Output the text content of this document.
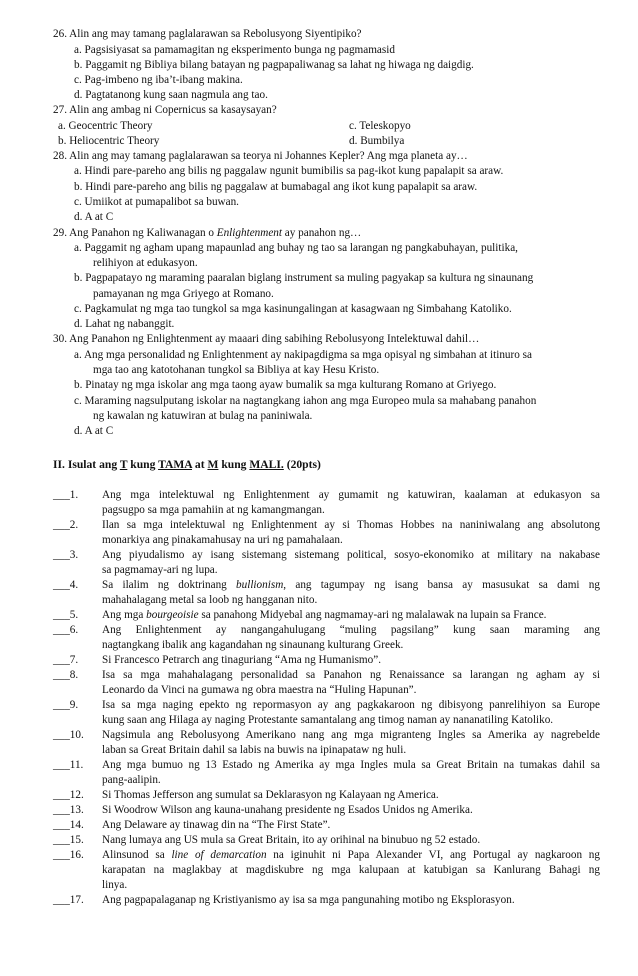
26. Alin ang may tamang paglalarawan sa Rebolusyong Siyentipiko?
a. Pagsisiyasat sa pamamagitan ng eksperimento bunga ng pagmamasid
b. Paggamit ng Bibliya bilang batayan ng pagpapaliwanag sa lahat ng hiwaga ng daigdig.
c. Pag-imbeno ng iba’t-ibang makina.
d. Pagtatanong kung saan nagmula ang tao.
27. Alin ang ambag ni Copernicus sa kasaysayan?
a. Geocentric Theory	c. Teleskopyo
b. Heliocentric Theory	d. Bumbilya
28. Alin ang may tamang paglalarawan sa teorya ni Johannes Kepler? Ang mga planeta ay…
a. Hindi pare-pareho ang bilis ng paggalaw ngunit bumibilis sa pag-ikot kung papalapit sa araw.
b. Hindi pare-pareho ang bilis ng paggalaw at bumabagal ang ikot kung papalapit sa araw.
c. Umiikot at pumapalibot sa buwan.
d. A at C
29. Ang Panahon ng Kaliwanagan o Enlightenment ay panahon ng…
a. Paggamit ng agham upang mapaunlad ang buhay ng tao sa larangan ng pangkabuhayan, pulitika,
relihiyon at edukasyon.
b. Pagpapatayo ng maraming paaralan biglang instrument sa muling pagyakap sa kultura ng sinaunang
pamayanan ng mga Griyego at Romano.
c. Pagkamulat ng mga tao tungkol sa mga kasinungalingan at kasagwaan ng Simbahang Katoliko.
d. Lahat ng nabanggit.
30. Ang Panahon ng Enlightenment ay maaari ding sabihing Rebolusyong Intelektuwal dahil…
a. Ang mga personalidad ng Enlightenment ay nakipagdigma sa mga opisyal ng simbahan at itinuro sa
mga tao ang katotohanan tungkol sa Bibliya at kay Hesu Kristo.
b. Pinatay ng mga iskolar ang mga taong ayaw bumalik sa mga kulturang Romano at Griyego.
c. Maraming nagsulputang iskolar na nagtangkang iahon ang mga Europeo mula sa mahabang panahon
ng kawalan ng katuwiran at bulag na paniniwala.
d. A at C
II. Isulat ang T kung TAMA at M kung MALI. (20pts)
___1. Ang mga intelektuwal ng Enlightenment ay gumamit ng katuwiran, kaalaman at edukasyon sa
pagsugpo sa mga pamahiin at ng kamangmangan.
___2. Ilan sa mga intelektuwal ng Enlightenment ay si Thomas Hobbes na naniniwalang ang absolutong
monarkiya ang pinakamahusay na uri ng pamahalaan.
___3. Ang piyudalismo ay isang sistemang sistemang political, sosyo-ekonomiko at military na nakabase
sa pagmamay-ari ng lupa.
___4. Sa ilalim ng doktrinang bullionism, ang tagumpay ng isang bansa ay masusukat sa dami ng
mahahalagang metal sa loob ng hangganan nito.
___5. Ang mga bourgeoisie sa panahong Midyebal ang nagmamay-ari ng malalawak na lupain sa France.
___6. Ang Enlightenment ay nangangahulugang “muling pagsilang” kung saan maraming ang
nagtangkang ibalik ang kagandahan ng sinaunang kulturang Greek.
___7. Si Francesco Petrarch ang tinaguriang “Ama ng Humanismo”.
___8. Isa sa mga mahahalagang personalidad sa Panahon ng Renaissance sa larangan ng agham ay si
Leonardo da Vinci na gumawa ng obra maestra na “Huling Hapunan”.
___9. Isa sa mga naging epekto ng repormasyon ay ang pagkakaroon ng dibisyong panrelihiyon sa Europe
kung saan ang Hilaga ay naging Protestante samantalang ang timog naman ay nananatiling Katoliko.
___10. Nagsimula ang Rebolusyong Amerikano nang ang mga migranteng Ingles sa Amerika ay nagrebelde
laban sa Great Britain dahil sa labis na buwis na ipinapataw ng huli.
___11. Ang mga bumuo ng 13 Estado ng Amerika ay mga Ingles mula sa Great Britain na tumakas dahil sa
pang-aalipin.
___12. Si Thomas Jefferson ang sumulat sa Deklarasyon ng Kalayaan ng America.
___13. Si Woodrow Wilson ang kauna-unahang presidente ng Esados Unidos ng Amerika.
___14. Ang Delaware ay tinawag din na “The First State”.
___15. Nang lumaya ang US mula sa Great Britain, ito ay orihinal na binubuo ng 52 estado.
___16. Alinsunod sa line of demarcation na iginuhit ni Papa Alexander VI, ang Portugal ay nagkaroon ng
karapatan na maglakbay at magdiskubre ng mga kalupaan at katubigan sa Kanlurang Bahagi ng
linya.
___17. Ang pagpapalaganap ng Kristiyanismo ay isa sa mga pangunahing motibo ng Eksplorasyon.
